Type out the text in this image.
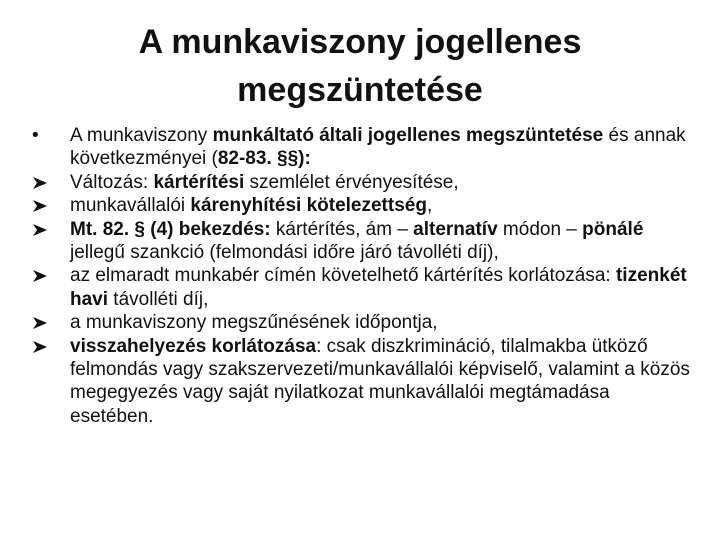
A munkaviszony jogellenes
megszüntetése
•	A munkaviszony munkáltató általi jogellenes megszüntetése és annak következményei (82-83. §§):
Változás: kártérítési szemlélet érvényesítése,
munkavállalói kárenyhítési kötelezettség,
Mt. 82. § (4) bekezdés: kártérítés, ám – alternatív módon – pönálé jellegű szankció (felmondási időre járó távolléti díj),
az elmaradt munkabér címén követelhető kártérítés korlátozása: tizenkét havi távolléti díj,
a munkaviszony megszűnésének időpontja,
visszahelyezés korlátozása: csak diszkrimináció, tilalmakba ütköző felmondás vagy szakszervezeti/munkavállalói képviselő, valamint a közös megegyezés vagy saját nyilatkozat munkavállalói megtámadása esetében.
